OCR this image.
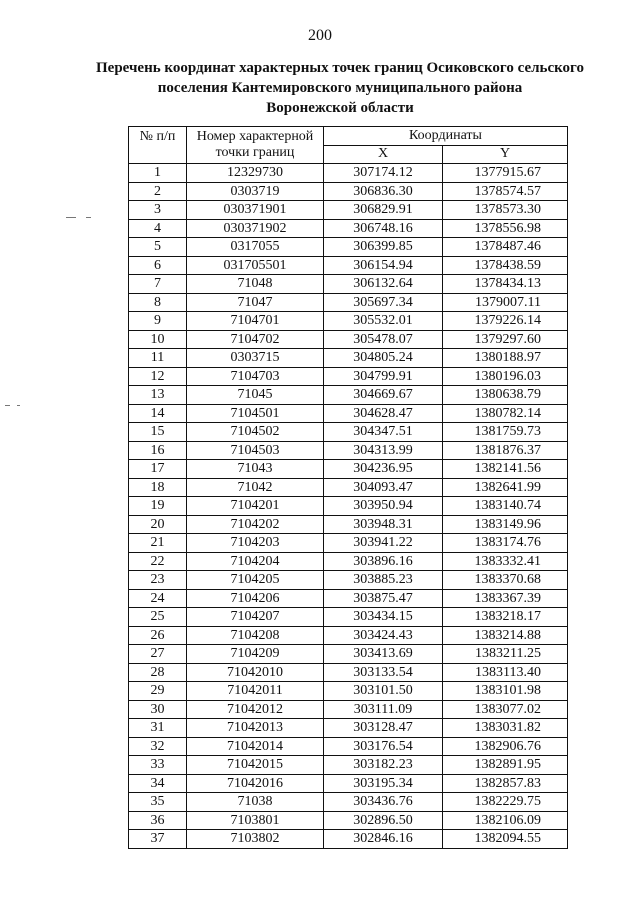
200
Перечень координат характерных точек границ Осиковского сельского
поселения Кантемировского муниципального района
Воронежской области
№ п/п	Номер характерной
точки границ	Координаты	
		X	Y
1	12329730	307174.12	1377915.67
2	0303719	306836.30	1378574.57
3	030371901	306829.91	1378573.30
4	030371902	306748.16	1378556.98
5	0317055	306399.85	1378487.46
6	031705501	306154.94	1378438.59
7	71048	306132.64	1378434.13
8	71047	305697.34	1379007.11
9	7104701	305532.01	1379226.14
10	7104702	305478.07	1379297.60
11	0303715	304805.24	1380188.97
12	7104703	304799.91	1380196.03
13	71045	304669.67	1380638.79
14	7104501	304628.47	1380782.14
15	7104502	304347.51	1381759.73
16	7104503	304313.99	1381876.37
17	71043	304236.95	1382141.56
18	71042	304093.47	1382641.99
19	7104201	303950.94	1383140.74
20	7104202	303948.31	1383149.96
21	7104203	303941.22	1383174.76
22	7104204	303896.16	1383332.41
23	7104205	303885.23	1383370.68
24	7104206	303875.47	1383367.39
25	7104207	303434.15	1383218.17
26	7104208	303424.43	1383214.88
27	7104209	303413.69	1383211.25
28	71042010	303133.54	1383113.40
29	71042011	303101.50	1383101.98
30	71042012	303111.09	1383077.02
31	71042013	303128.47	1383031.82
32	71042014	303176.54	1382906.76
33	71042015	303182.23	1382891.95
34	71042016	303195.34	1382857.83
35	71038	303436.76	1382229.75
36	7103801	302896.50	1382106.09
37	7103802	302846.16	1382094.55
